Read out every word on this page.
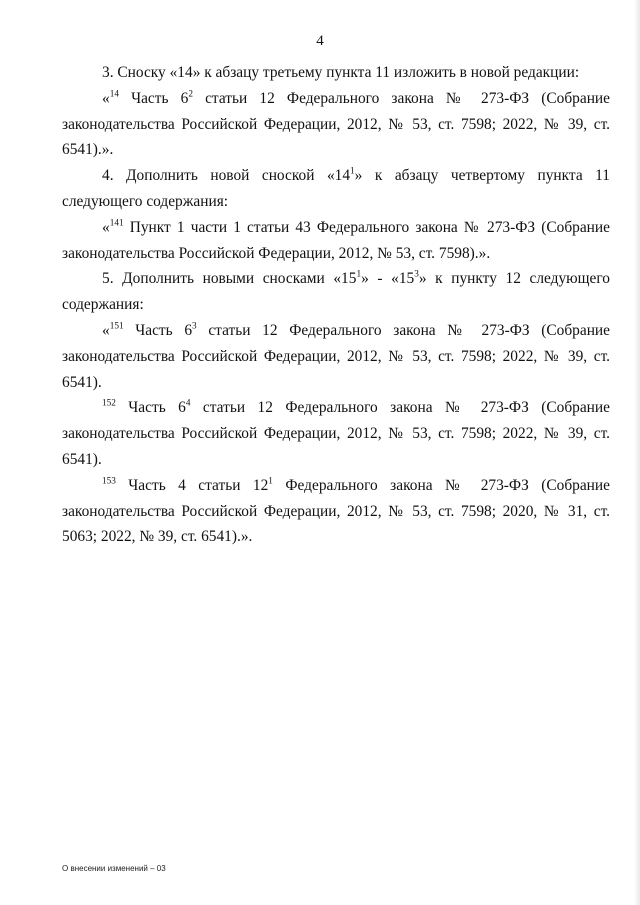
4

3. Сноску «14» к абзацу третьему пункта 11 изложить в новой редакции:

«$^{14}$ Часть $6^2$ статьи 12 Федерального закона № 273-ФЗ (Собрание законодательства Российской Федерации, 2012, № 53, ст. 7598; 2022, № 39, ст. 6541).».

4. Дополнить новой сноской «$14^1$» к абзацу четвертому пункта 11 следующего содержания:

«$^{141}$ Пункт 1 части 1 статьи 43 Федерального закона № 273-ФЗ (Собрание законодательства Российской Федерации, 2012, № 53, ст. 7598).».

5. Дополнить новыми сносками «$15^1$» - «$15^3$» к пункту 12 следующего содержания:

«$^{151}$ Часть $6^3$ статьи 12 Федерального закона № 273-ФЗ (Собрание законодательства Российской Федерации, 2012, № 53, ст. 7598; 2022, № 39, ст. 6541).

$^{152}$ Часть $6^4$ статьи 12 Федерального закона № 273-ФЗ (Собрание законодательства Российской Федерации, 2012, № 53, ст. 7598; 2022, № 39, ст. 6541).

$^{153}$ Часть 4 статьи $12^1$ Федерального закона № 273-ФЗ (Собрание законодательства Российской Федерации, 2012, № 53, ст. 7598; 2020, № 31, ст. 5063; 2022, № 39, ст. 6541).».

О внесении изменений – 03
